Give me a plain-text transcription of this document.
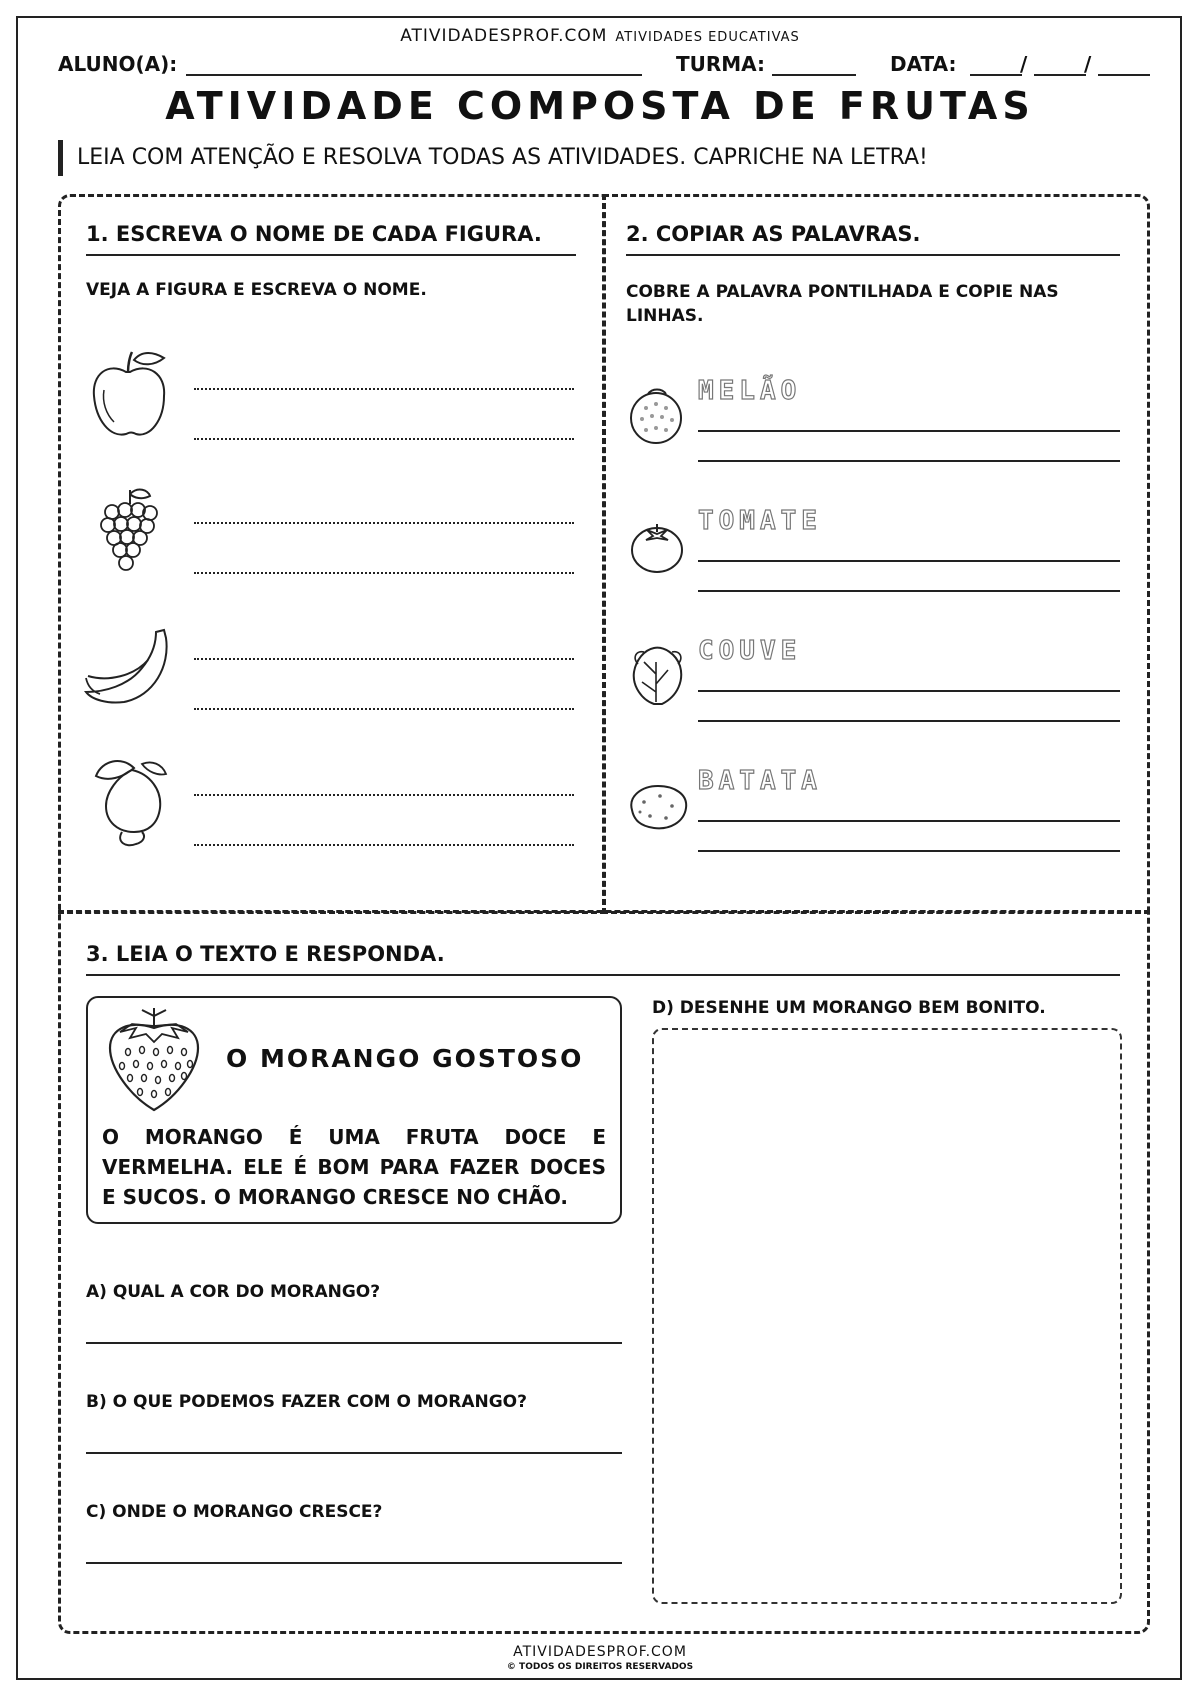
ATIVIDADESPROF.COM ATIVIDADES EDUCATIVAS
ALUNO(A):	TURMA:	DATA:	/	/
ATIVIDADE COMPOSTA DE FRUTAS
LEIA COM ATENÇÃO E RESOLVA TODAS AS ATIVIDADES. CAPRICHE NA LETRA!
1. ESCREVA O NOME DE CADA FIGURA.
VEJA A FIGURA E ESCREVA O NOME.
2. COPIAR AS PALAVRAS.
COBRE A PALAVRA PONTILHADA E COPIE NAS LINHAS.
MELÃO
TOMATE
COUVE
BATATA
3. LEIA O TEXTO E RESPONDA.
O MORANGO GOSTOSO
O MORANGO É UMA FRUTA DOCE E VERMELHA. ELE É BOM PARA FAZER DOCES E SUCOS. O MORANGO CRESCE NO CHÃO.
A) QUAL A COR DO MORANGO?
B) O QUE PODEMOS FAZER COM O MORANGO?
C) ONDE O MORANGO CRESCE?
D) DESENHE UM MORANGO BEM BONITO.
ATIVIDADESPROF.COM
© TODOS OS DIREITOS RESERVADOS
